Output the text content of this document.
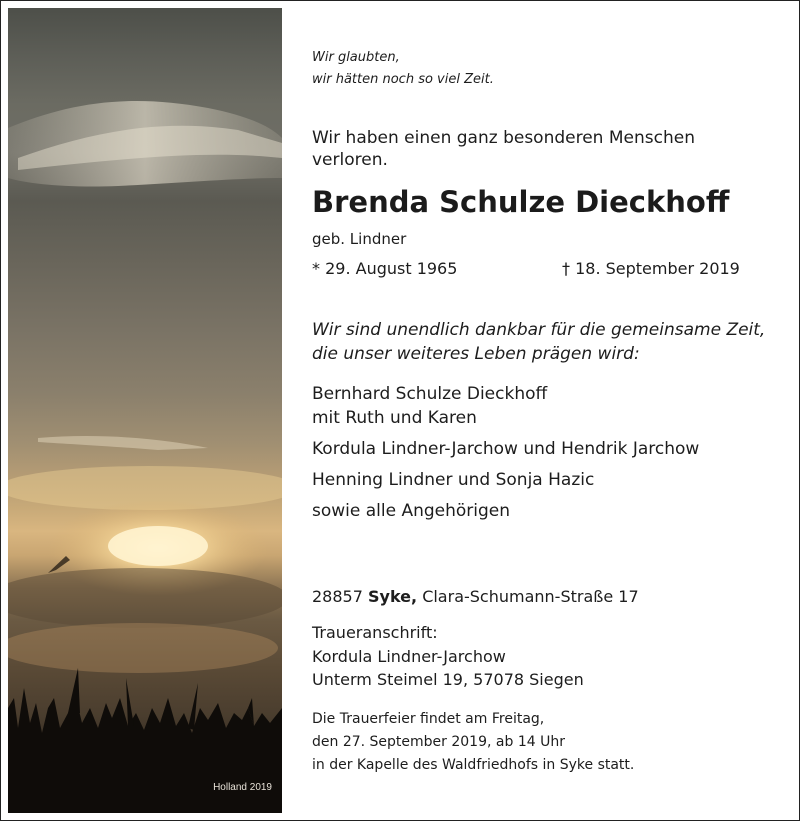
Holland 2019
Wir glaubten,
wir hätten noch so viel Zeit.
Wir haben einen ganz besonderen Menschen
verloren.
Brenda Schulze Dieckhoff
geb. Lindner
* 29. August 1965	† 18. September 2019
Wir sind unendlich dankbar für die gemeinsame Zeit,
die unser weiteres Leben prägen wird:
Bernhard Schulze Dieckhoff
mit Ruth und Karen
Kordula Lindner-Jarchow und Hendrik Jarchow
Henning Lindner und Sonja Hazic
sowie alle Angehörigen
28857 Syke, Clara-Schumann-Straße 17
Traueranschrift:
Kordula Lindner-Jarchow
Unterm Steimel 19, 57078 Siegen
Die Trauerfeier findet am Freitag,
den 27. September 2019, ab 14 Uhr
in der Kapelle des Waldfriedhofs in Syke statt.
